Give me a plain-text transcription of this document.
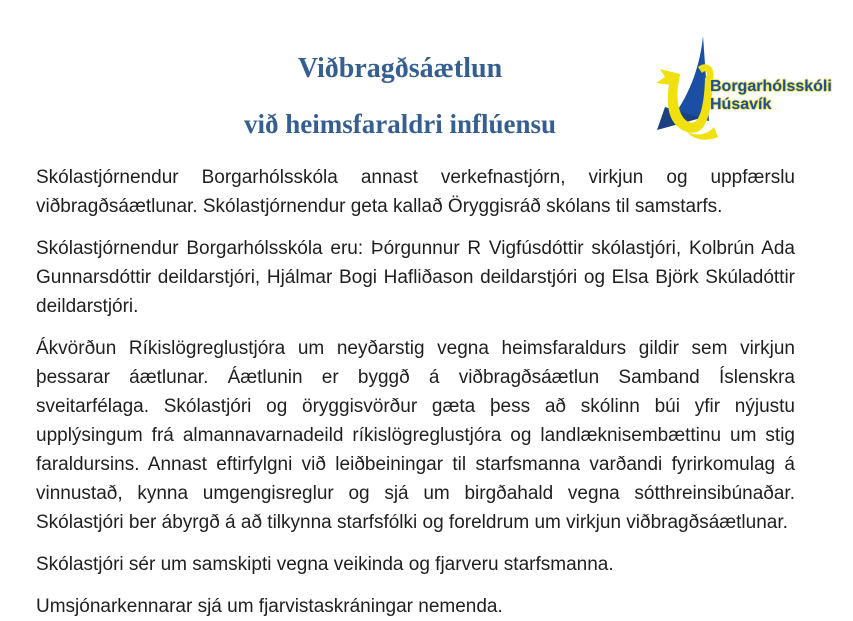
Viðbragðsáætlun
við heimsfaraldri inflúensu
Borgarhólsskóli
Húsavík

Skólastjórnendur Borgarhólsskóla annast verkefnastjórn, virkjun og uppfærslu viðbragðsáætlunar. Skólastjórnendur geta kallað Öryggisráð skólans til samstarfs.

Skólastjórnendur Borgarhólsskóla eru: Þórgunnur R Vigfúsdóttir skólastjóri, Kolbrún Ada Gunnarsdóttir deildarstjóri, Hjálmar Bogi Hafliðason deildarstjóri og Elsa Björk Skúladóttir deildarstjóri.

Ákvörðun Ríkislögreglustjóra um neyðarstig vegna heimsfaraldurs gildir sem virkjun þessarar áætlunar. Áætlunin er byggð á viðbragðsáætlun Samband Íslenskra sveitarfélaga. Skólastjóri og öryggisvörður gæta þess að skólinn búi yfir nýjustu upplýsingum frá almannavarnadeild ríkislögreglustjóra og landlæknisembættinu um stig faraldursins. Annast eftirfylgni við leiðbeiningar til starfsmanna varðandi fyrirkomulag á vinnustað, kynna umgengisreglur og sjá um birgðahald vegna sótthreinsibúnaðar. Skólastjóri ber ábyrgð á að tilkynna starfsfólki og foreldrum um virkjun viðbragðsáætlunar.

Skólastjóri sér um samskipti vegna veikinda og fjarveru starfsmanna.

Umsjónarkennarar sjá um fjarvistaskráningar nemenda.
